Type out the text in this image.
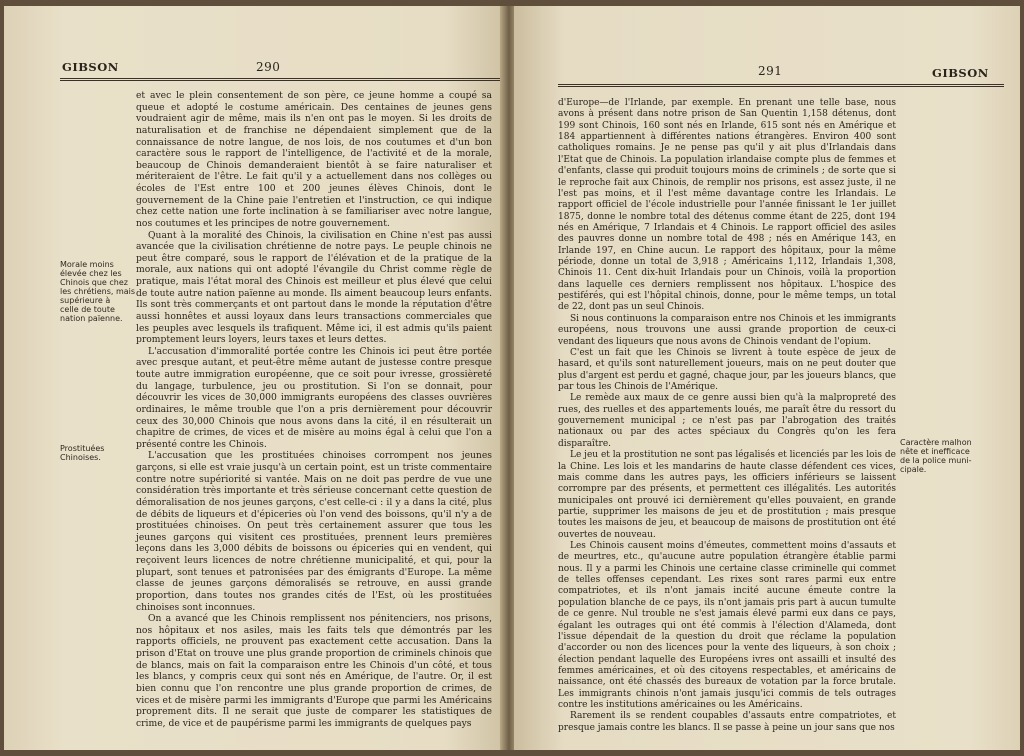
GIBSON	290
Morale moins
élevée chez les
Chinois que chez
les chrétiens, mais
supérieure à
celle de toute
nation païenne.
Prostituées
Chinoises.

et avec le plein consentement de son père, ce jeune homme a coupé sa queue et adopté le costume américain. Des centaines de jeunes gens voudraient agir de même, mais ils n'en ont pas le moyen. Si les droits de naturalisation et de franchise ne dépendaient simplement que de la connaissance de notre langue, de nos lois, de nos coutumes et d'un bon caractère sous le rapport de l'intelligence, de l'activité et de la morale, beaucoup de Chinois demanderaient bientôt à se faire naturaliser et mériteraient de l'être. Le fait qu'il y a actuellement dans nos collèges ou écoles de l'Est entre 100 et 200 jeunes élèves Chinois, dont le gouvernement de la Chine paie l'entretien et l'instruction, ce qui indique chez cette nation une forte inclination à se familiariser avec notre langue, nos coutumes et les principes de notre gouvernement.

Quant à la moralité des Chinois, la civilisation en Chine n'est pas aussi avancée que la civilisation chrétienne de notre pays. Le peuple chinois ne peut être comparé, sous le rapport de l'élévation et de la pratique de la morale, aux nations qui ont adopté l'évangile du Christ comme règle de pratique, mais l'état moral des Chinois est meilleur et plus élevé que celui de toute autre nation païenne au monde. Ils aiment beaucoup leurs enfants. Ils sont très commerçants et ont partout dans le monde la réputation d'être aussi honnêtes et aussi loyaux dans leurs transactions commerciales que les peuples avec lesquels ils trafiquent. Même ici, il est admis qu'ils paient promptement leurs loyers, leurs taxes et leurs dettes.

L'accusation d'immoralité portée contre les Chinois ici peut être portée avec presque autant, et peut-être même autant de justesse contre presque toute autre immigration européenne, que ce soit pour ivresse, grossièreté du langage, turbulence, jeu ou prostitution. Si l'on se donnait, pour découvrir les vices de 30,000 immigrants européens des classes ouvrières ordinaires, le même trouble que l'on a pris dernièrement pour découvrir ceux des 30,000 Chinois que nous avons dans la cité, il en résulterait un chapitre de crimes, de vices et de misère au moins égal à celui que l'on a présenté contre les Chinois.

L'accusation que les prostituées chinoises corrompent nos jeunes garçons, si elle est vraie jusqu'à un certain point, est un triste commentaire contre notre supériorité si vantée. Mais on ne doit pas perdre de vue une considération très importante et très sérieuse concernant cette question de démoralisation de nos jeunes garçons, c'est celle-ci : il y a dans la cité, plus de débits de liqueurs et d'épiceries où l'on vend des boissons, qu'il n'y a de prostituées chinoises. On peut très certainement assurer que tous les jeunes garçons qui visitent ces prostituées, prennent leurs premières leçons dans les 3,000 débits de boissons ou épiceries qui en vendent, qui reçoivent leurs licences de notre chrétienne municipalité, et qui, pour la plupart, sont tenues et patronisées par des émigrants d'Europe. La même classe de jeunes garçons démoralisés se retrouve, en aussi grande proportion, dans toutes nos grandes cités de l'Est, où les prostituées chinoises sont inconnues.

On a avancé que les Chinois remplissent nos pénitenciers, nos prisons, nos hôpitaux et nos asiles, mais les faits tels que démontrés par les rapports officiels, ne prouvent pas exactement cette accusation. Dans la prison d'Etat on trouve une plus grande proportion de criminels chinois que de blancs, mais on fait la comparaison entre les Chinois d'un côté, et tous les blancs, y compris ceux qui sont nés en Amérique, de l'autre. Or, il est bien connu que l'on rencontre une plus grande proportion de crimes, de vices et de misère parmi les immigrants d'Europe que parmi les Américains proprement dits. Il ne serait que juste de comparer les statistiques de crime, de vice et de paupérisme parmi les immigrants de quelques pays

291	GIBSON
Caractère malhon
nête et inefficace
de la police muni-
cipale.

d'Europe—de l'Irlande, par exemple. En prenant une telle base, nous avons à présent dans notre prison de San Quentin 1,158 détenus, dont 199 sont Chinois, 160 sont nés en Irlande, 615 sont nés en Amérique et 184 appartiennent à différentes nations étrangères. Environ 400 sont catholiques romains. Je ne pense pas qu'il y ait plus d'Irlandais dans l'Etat que de Chinois. La population irlandaise compte plus de femmes et d'enfants, classe qui produit toujours moins de criminels ; de sorte que si le reproche fait aux Chinois, de remplir nos prisons, est assez juste, il ne l'est pas moins, et il l'est même davantage contre les Irlandais. Le rapport officiel de l'école industrielle pour l'année finissant le 1er juillet 1875, donne le nombre total des détenus comme étant de 225, dont 194 nés en Amérique, 7 Irlandais et 4 Chinois. Le rapport officiel des asiles des pauvres donne un nombre total de 498 ; nés en Amérique 143, en Irlande 197, en Chine aucun. Le rapport des hôpitaux, pour la même période, donne un total de 3,918 ; Américains 1,112, Irlandais 1,308, Chinois 11. Cent dix-huit Irlandais pour un Chinois, voilà la proportion dans laquelle ces derniers remplissent nos hôpitaux. L'hospice des pestiférés, qui est l'hôpital chinois, donne, pour le même temps, un total de 22, dont pas un seul Chinois.

Si nous continuons la comparaison entre nos Chinois et les immigrants européens, nous trouvons une aussi grande proportion de ceux-ci vendant des liqueurs que nous avons de Chinois vendant de l'opium.

C'est un fait que les Chinois se livrent à toute espèce de jeux de hasard, et qu'ils sont naturellement joueurs, mais on ne peut douter que plus d'argent est perdu et gagné, chaque jour, par les joueurs blancs, que par tous les Chinois de l'Amérique.

Le remède aux maux de ce genre aussi bien qu'à la malpropreté des rues, des ruelles et des appartements loués, me paraît être du ressort du gouvernement municipal ; ce n'est pas par l'abrogation des traités nationaux ou par des actes spéciaux du Congrès qu'on les fera disparaître.

Le jeu et la prostitution ne sont pas légalisés et licenciés par les lois de la Chine. Les lois et les mandarins de haute classe défendent ces vices, mais comme dans les autres pays, les officiers inférieurs se laissent corrompre par des présents, et permettent ces illégalités. Les autorités municipales ont prouvé ici dernièrement qu'elles pouvaient, en grande partie, supprimer les maisons de jeu et de prostitution ; mais presque toutes les maisons de jeu, et beaucoup de maisons de prostitution ont été ouvertes de nouveau.

Les Chinois causent moins d'émeutes, commettent moins d'assauts et de meurtres, etc., qu'aucune autre population étrangère établie parmi nous. Il y a parmi les Chinois une certaine classe criminelle qui commet de telles offenses cependant. Les rixes sont rares parmi eux entre compatriotes, et ils n'ont jamais incité aucune émeute contre la population blanche de ce pays, ils n'ont jamais pris part à aucun tumulte de ce genre. Nul trouble ne s'est jamais élevé parmi eux dans ce pays, égalant les outrages qui ont été commis à l'élection d'Alameda, dont l'issue dépendait de la question du droit que réclame la population d'accorder ou non des licences pour la vente des liqueurs, à son choix ; élection pendant laquelle des Européens ivres ont assailli et insulté des femmes américaines, et où des citoyens respectables, et américains de naissance, ont été chassés des bureaux de votation par la force brutale. Les immigrants chinois n'ont jamais jusqu'ici commis de tels outrages contre les institutions américaines ou les Américains.

Rarement ils se rendent coupables d'assauts entre compatriotes, et presque jamais contre les blancs. Il se passe à peine un jour sans que nos
